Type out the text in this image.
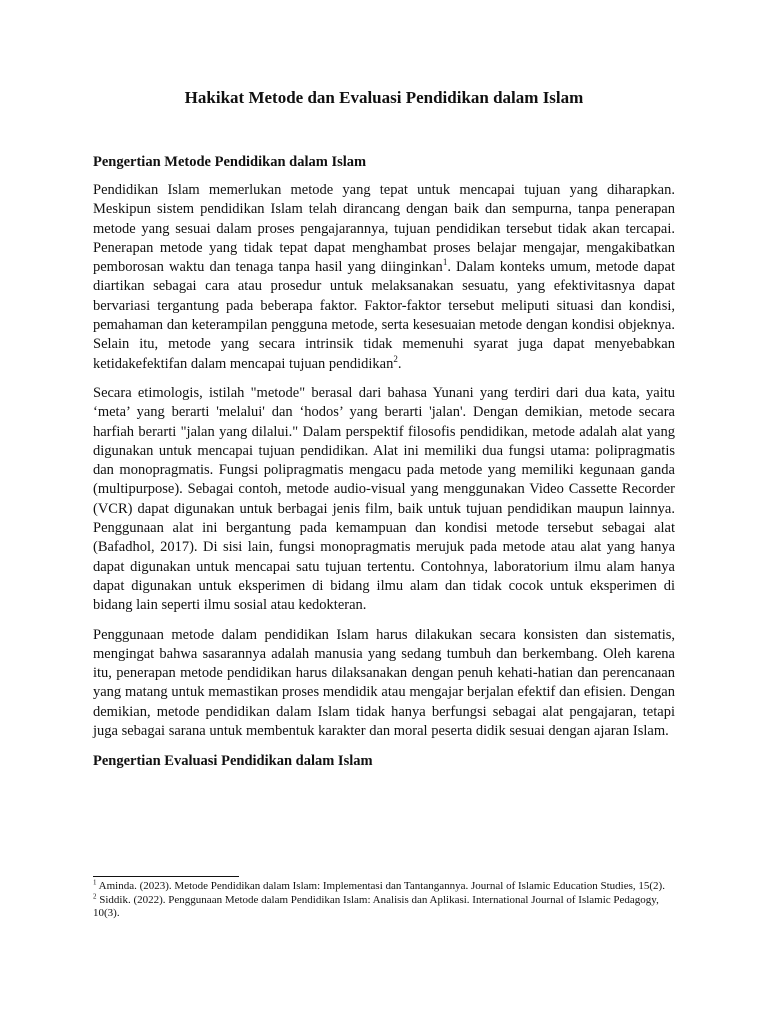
Hakikat Metode dan Evaluasi Pendidikan dalam Islam
Pengertian Metode Pendidikan dalam Islam

Pendidikan Islam memerlukan metode yang tepat untuk mencapai tujuan yang diharapkan. Meskipun sistem pendidikan Islam telah dirancang dengan baik dan sempurna, tanpa penerapan metode yang sesuai dalam proses pengajarannya, tujuan pendidikan tersebut tidak akan tercapai. Penerapan metode yang tidak tepat dapat menghambat proses belajar mengajar, mengakibatkan pemborosan waktu dan tenaga tanpa hasil yang diinginkan$^1$. Dalam konteks umum, metode dapat diartikan sebagai cara atau prosedur untuk melaksanakan sesuatu, yang efektivitasnya dapat bervariasi tergantung pada beberapa faktor. Faktor-faktor tersebut meliputi situasi dan kondisi, pemahaman dan keterampilan pengguna metode, serta kesesuaian metode dengan kondisi objeknya. Selain itu, metode yang secara intrinsik tidak memenuhi syarat juga dapat menyebabkan ketidakefektifan dalam mencapai tujuan pendidikan$^2$.

Secara etimologis, istilah "metode" berasal dari bahasa Yunani yang terdiri dari dua kata, yaitu ‘meta’ yang berarti 'melalui' dan ‘hodos’ yang berarti 'jalan'. Dengan demikian, metode secara harfiah berarti "jalan yang dilalui." Dalam perspektif filosofis pendidikan, metode adalah alat yang digunakan untuk mencapai tujuan pendidikan. Alat ini memiliki dua fungsi utama: polipragmatis dan monopragmatis. Fungsi polipragmatis mengacu pada metode yang memiliki kegunaan ganda (multipurpose). Sebagai contoh, metode audio-visual yang menggunakan Video Cassette Recorder (VCR) dapat digunakan untuk berbagai jenis film, baik untuk tujuan pendidikan maupun lainnya. Penggunaan alat ini bergantung pada kemampuan dan kondisi metode tersebut sebagai alat (Bafadhol, 2017). Di sisi lain, fungsi monopragmatis merujuk pada metode atau alat yang hanya dapat digunakan untuk mencapai satu tujuan tertentu. Contohnya, laboratorium ilmu alam hanya dapat digunakan untuk eksperimen di bidang ilmu alam dan tidak cocok untuk eksperimen di bidang lain seperti ilmu sosial atau kedokteran.

Penggunaan metode dalam pendidikan Islam harus dilakukan secara konsisten dan sistematis, mengingat bahwa sasarannya adalah manusia yang sedang tumbuh dan berkembang. Oleh karena itu, penerapan metode pendidikan harus dilaksanakan dengan penuh kehati-hatian dan perencanaan yang matang untuk memastikan proses mendidik atau mengajar berjalan efektif dan efisien. Dengan demikian, metode pendidikan dalam Islam tidak hanya berfungsi sebagai alat pengajaran, tetapi juga sebagai sarana untuk membentuk karakter dan moral peserta didik sesuai dengan ajaran Islam.

Pengertian Evaluasi Pendidikan dalam Islam

$^1$ Aminda. (2023). Metode Pendidikan dalam Islam: Implementasi dan Tantangannya. Journal of Islamic Education Studies, 15(2).

$^2$ Siddik. (2022). Penggunaan Metode dalam Pendidikan Islam: Analisis dan Aplikasi. International Journal of Islamic Pedagogy, 10(3).
